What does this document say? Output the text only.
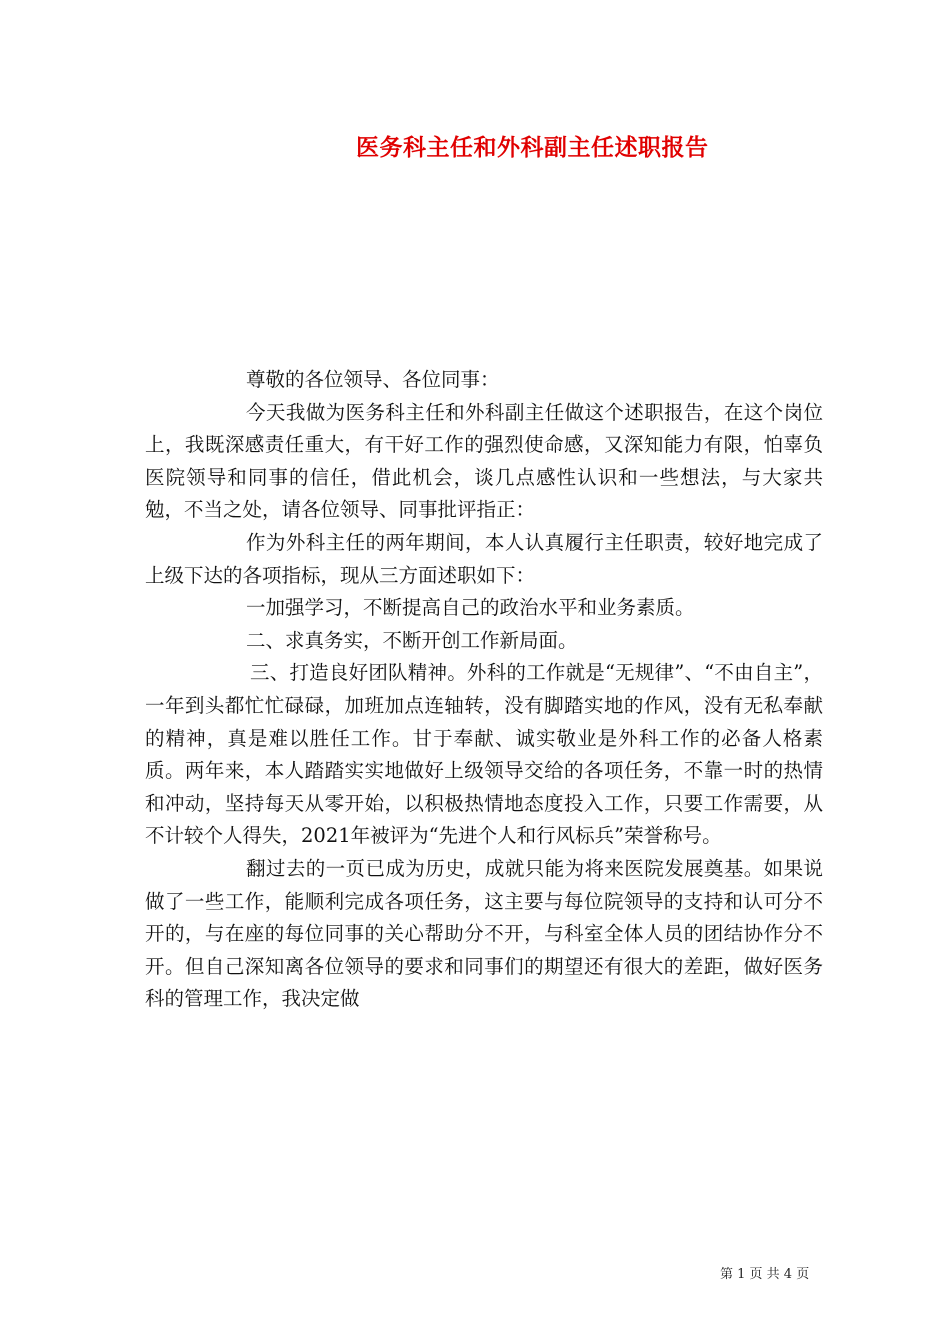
医务科主任和外科副主任述职报告

尊敬的各位领导、各位同事：

今天我做为医务科主任和外科副主任做这个述职报告，在这个岗位上，我既深感责任重大，有干好工作的强烈使命感，又深知能力有限，怕辜负医院领导和同事的信任，借此机会，谈几点感性认识和一些想法，与大家共勉，不当之处，请各位领导、同事批评指正：

作为外科主任的两年期间，本人认真履行主任职责，较好地完成了上级下达的各项指标，现从三方面述职如下：

一加强学习，不断提高自己的政治水平和业务素质。

二、求真务实，不断开创工作新局面。

三、打造良好团队精神。外科的工作就是“无规律”、“不由自主”，一年到头都忙忙碌碌，加班加点连轴转，没有脚踏实地的作风，没有无私奉献的精神，真是难以胜任工作。甘于奉献、诚实敬业是外科工作的必备人格素质。两年来，本人踏踏实实地做好上级领导交给的各项任务，不靠一时的热情和冲动，坚持每天从零开始，以积极热情地态度投入工作，只要工作需要，从不计较个人得失，2021年被评为“先进个人和行风标兵”荣誉称号。

翻过去的一页已成为历史，成就只能为将来医院发展奠基。如果说做了一些工作，能顺利完成各项任务，这主要与每位院领导的支持和认可分不开的，与在座的每位同事的关心帮助分不开，与科室全体人员的团结协作分不开。但自己深知离各位领导的要求和同事们的期望还有很大的差距，做好医务科的管理工作，我决定做

第 1 页 共 4 页
